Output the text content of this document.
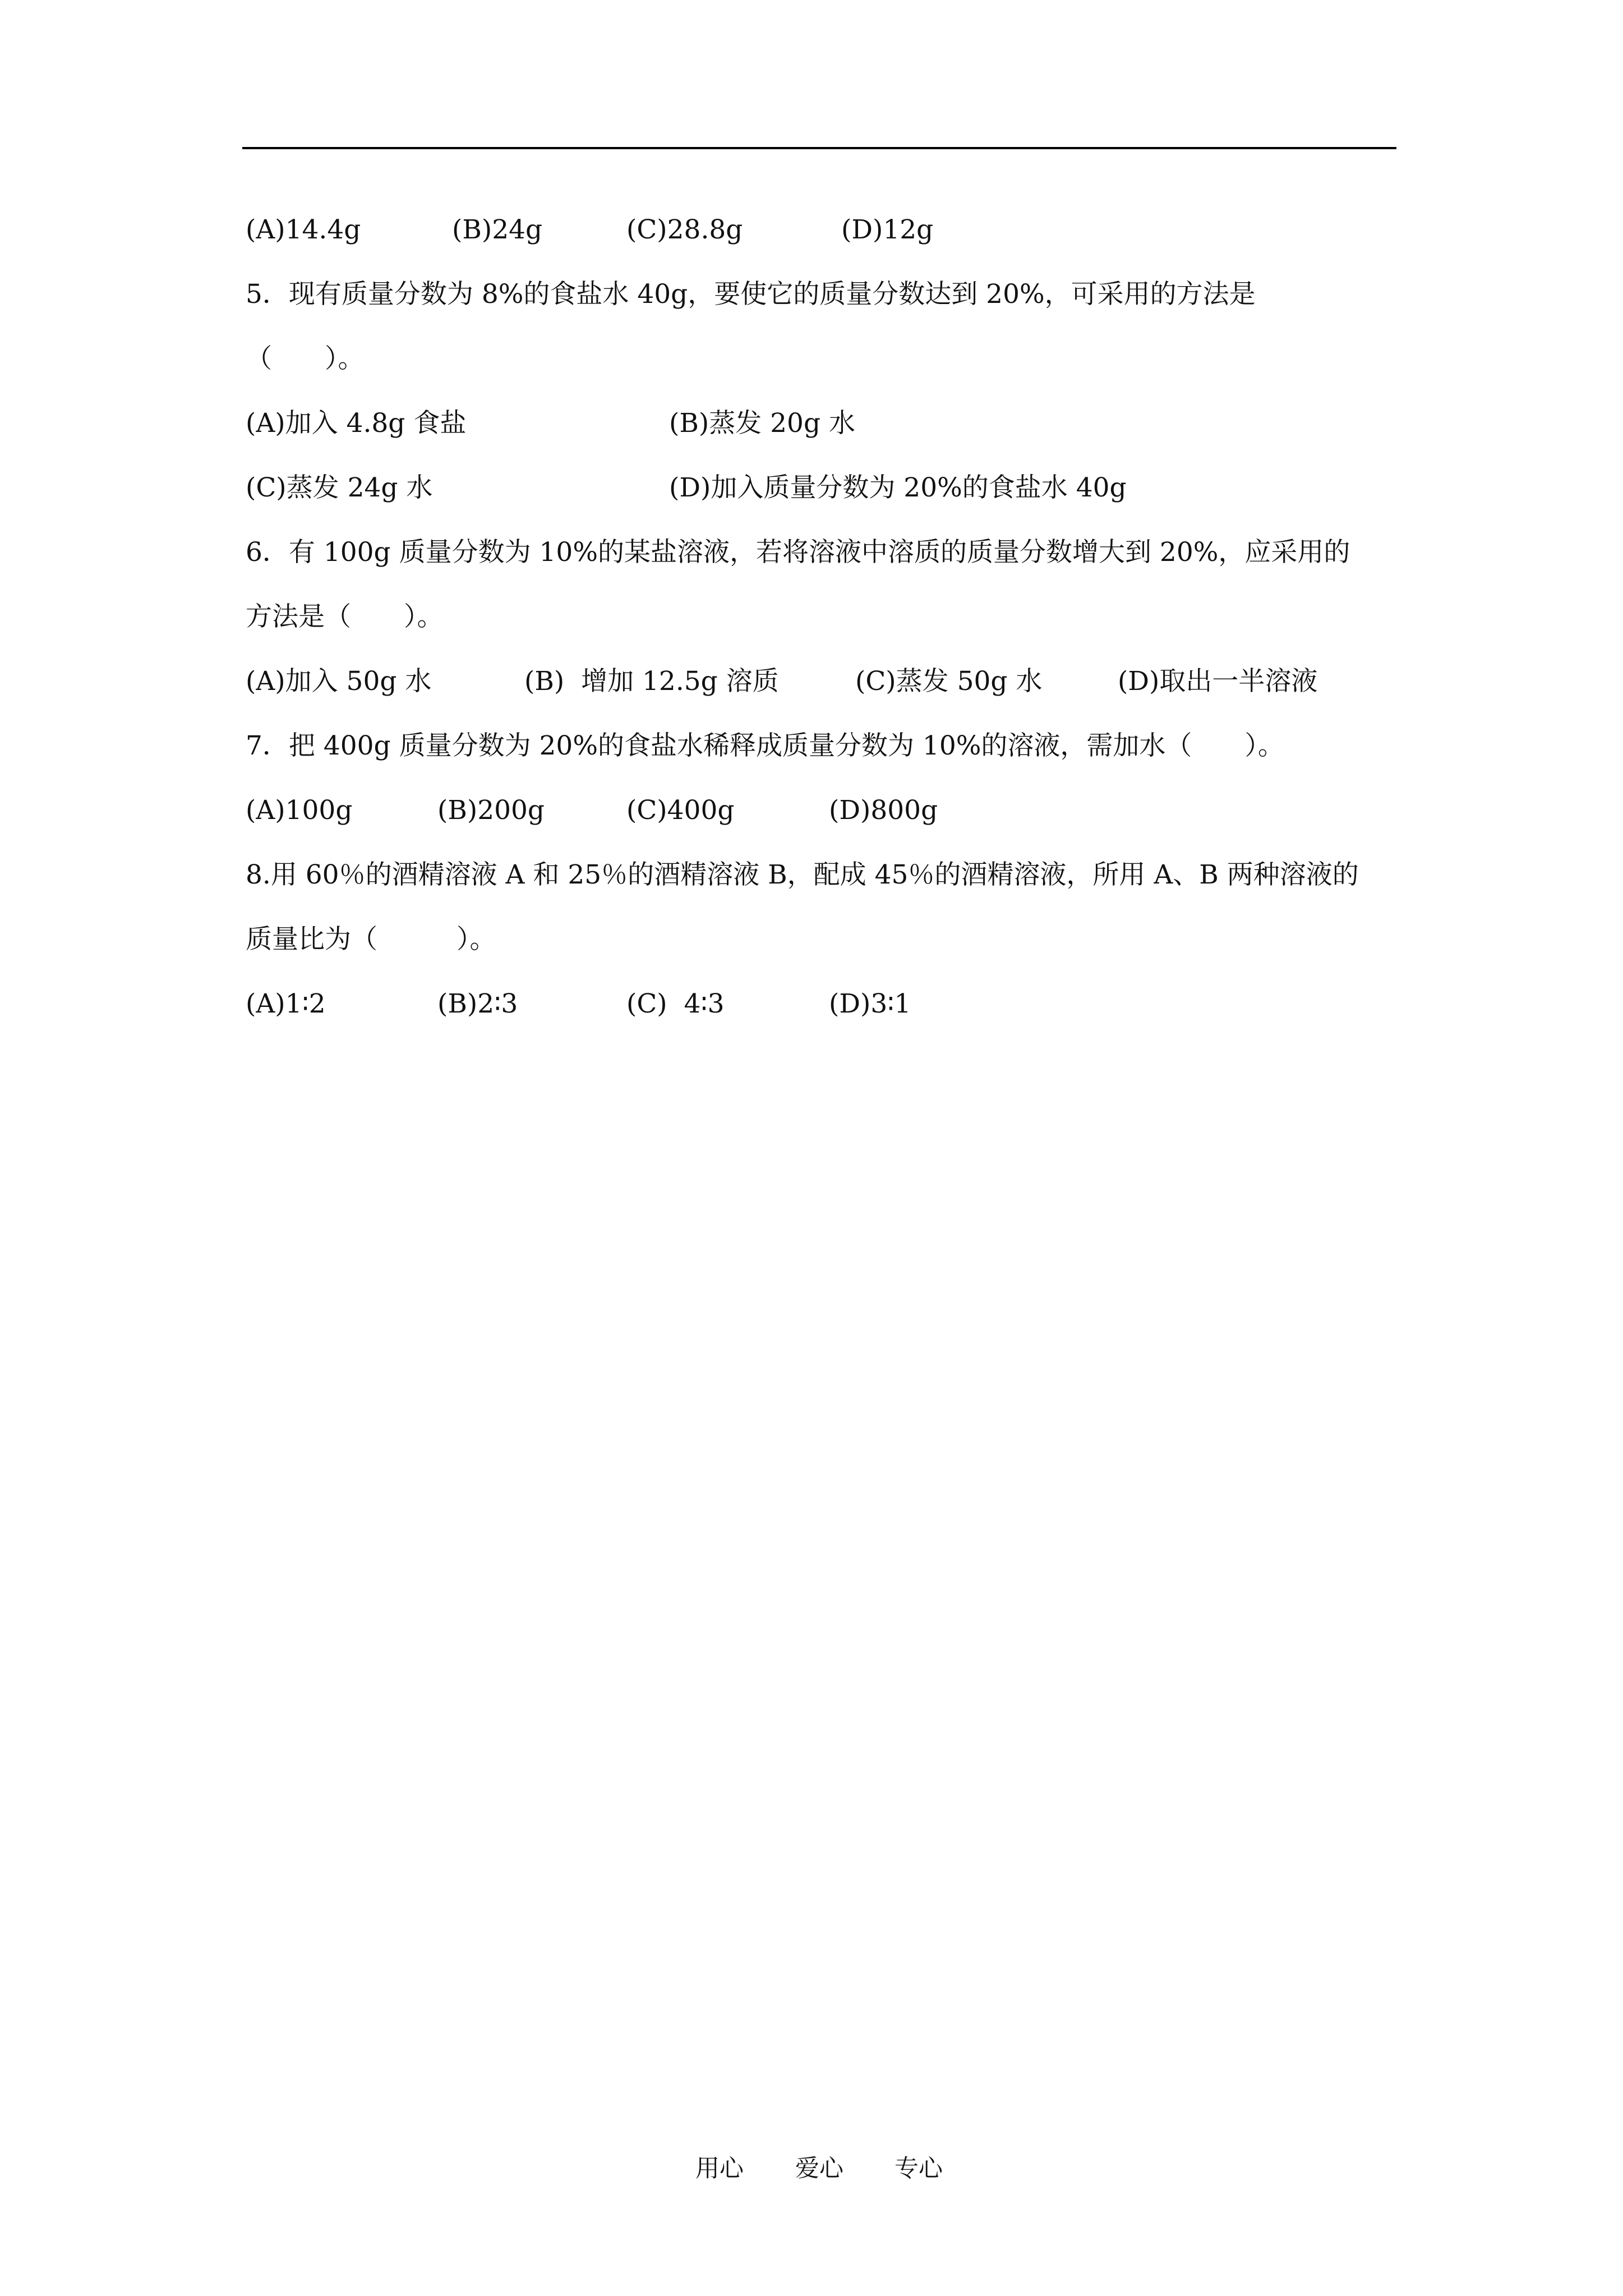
(A)14.4g	(B)24g	(C)28.8g	(D)12g
5．现有质量分数为 8%的食盐水 40g，要使它的质量分数达到 20%，可采用的方法是
（　　）。
(A)加入 4.8g 食盐	(B)蒸发 20g 水
(C)蒸发 24g 水	(D)加入质量分数为 20%的食盐水 40g
6．有 100g 质量分数为 10%的某盐溶液，若将溶液中溶质的质量分数增大到 20%，应采用的
方法是（　　）。
(A)加入 50g 水	(B)  增加 12.5g 溶质	(C)蒸发 50g 水	(D)取出一半溶液
7．把 400g 质量分数为 20%的食盐水稀释成质量分数为 10%的溶液，需加水（　　）。
(A)100g	(B)200g	(C)400g	(D)800g
8.用 60％的酒精溶液 A 和 25％的酒精溶液 B，配成 45％的酒精溶液，所用 A、B 两种溶液的
质量比为（　　　）。
(A)1∶2	(B)2∶3	(C)  4∶3	(D)3∶1
用心 爱心 专心
